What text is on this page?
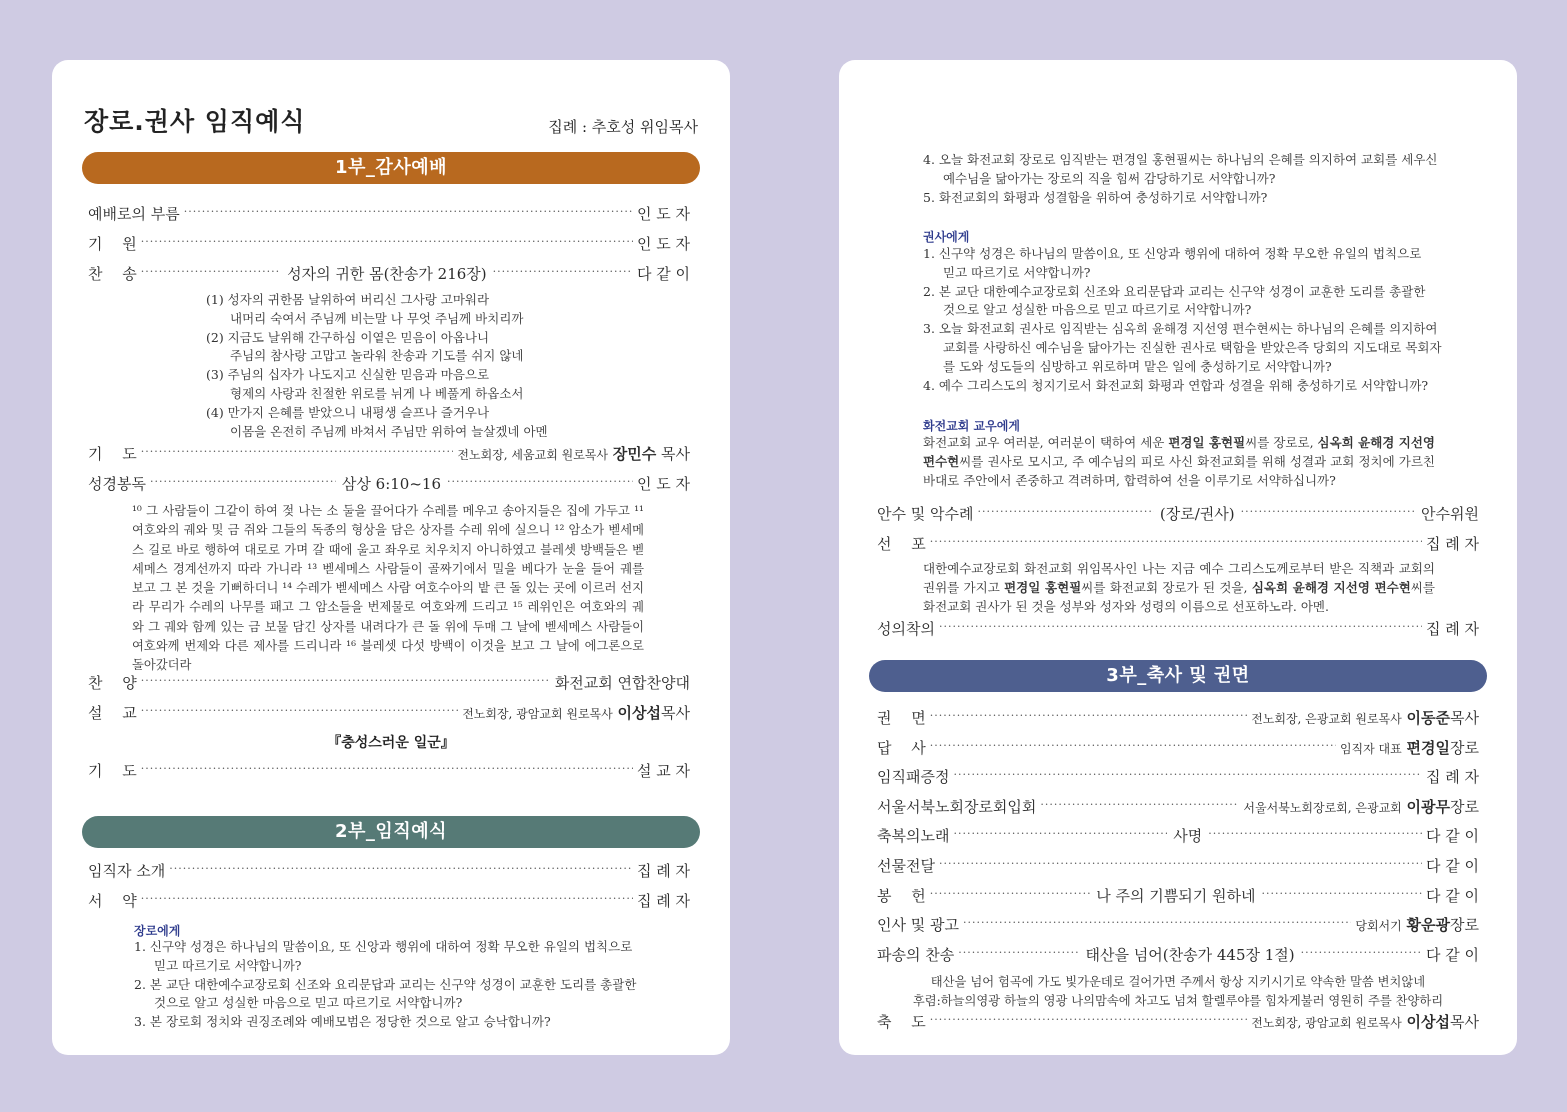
장로.권사 임직예식	집례 : 추호성 위임목사
1부_감사예배
예배로의 부름 ·····	인 도 자
기　 원 ·····	인 도 자
찬　 송 ·····	성자의 귀한 몸(찬송가 216장) ·····	다 같 이
(1) 성자의 귀한몸 날위하여 버리신 그사랑 고마워라
내머리 숙여서 주님께 비는말 나 무엇 주님께 바치리까
(2) 지금도 날위해 간구하심 이옅은 믿음이 아옵나니
주님의 참사랑 고맙고 놀라워 찬송과 기도를 쉬지 않네
(3) 주님의 십자가 나도지고 신실한 믿음과 마음으로
형제의 사랑과 친절한 위로를 뉘게 나 베풀게 하옵소서
(4) 만가지 은혜를 받았으니 내평생 슬프나 즐거우나
이몸을 온전히 주님께 바쳐서 주님만 위하여 늘살겠네 아멘
기　 도 ·····	전노회장, 세움교회 원로목사 장민수 목사
성경봉독 ·····	삼상 6:10~16 ·····	인 도 자
¹⁰ 그 사람들이 그같이 하여 젖 나는 소 둘을 끌어다가 수레를 메우고 송아지들은 집에 가두고 ¹¹ 여호와의 궤와 및 금 쥐와 그들의 독종의 형상을 담은 상자를 수레 위에 실으니 ¹² 암소가 벧세메스 길로 바로 행하여 대로로 가며 갈 때에 울고 좌우로 치우치지 아니하였고 블레셋 방백들은 벧세메스 경계선까지 따라 가니라 ¹³ 벧세메스 사람들이 골짜기에서 밀을 베다가 눈을 들어 궤를 보고 그 본 것을 기뻐하더니 ¹⁴ 수레가 벧세메스 사람 여호수아의 밭 큰 돌 있는 곳에 이르러 선지라 무리가 수레의 나무를 패고 그 암소들을 번제물로 여호와께 드리고 ¹⁵ 레위인은 여호와의 궤와 그 궤와 함께 있는 금 보물 담긴 상자를 내려다가 큰 돌 위에 두매 그 날에 벧세메스 사람들이 여호와께 번제와 다른 제사를 드리니라 ¹⁶ 블레셋 다섯 방백이 이것을 보고 그 날에 에그론으로 돌아갔더라
찬　 양 ·····	화전교회 연합찬양대
설　 교 ·····	전노회장, 광암교회 원로목사 이상섭목사
『충성스러운 일군』
기　 도 ·····	설 교 자
2부_임직예식
임직자 소개 ·····	집 례 자
서　 약 ·····	집 례 자
장로에게
1. 신구약 성경은 하나님의 말씀이요, 또 신앙과 행위에 대하여 정확 무오한 유일의 법칙으로
믿고 따르기로 서약합니까?
2. 본 교단 대한예수교장로회 신조와 요리문답과 교리는 신구약 성경이 교훈한 도리를 총괄한
것으로 알고 성실한 마음으로 믿고 따르기로 서약합니까?
3. 본 장로회 정치와 권징조례와 예배모범은 정당한 것으로 알고 승낙합니까?
4. 오늘 화전교회 장로로 임직받는 편경일 홍현필씨는 하나님의 은혜를 의지하여 교회를 세우신
예수님을 닮아가는 장로의 직을 힘써 감당하기로 서약합니까?
5. 화전교회의 화평과 성결함을 위하여 충성하기로 서약합니까?
권사에게
1. 신구약 성경은 하나님의 말씀이요, 또 신앙과 행위에 대하여 정확 무오한 유일의 법칙으로
믿고 따르기로 서약합니까?
2. 본 교단 대한예수교장로회 신조와 요리문답과 교리는 신구약 성경이 교훈한 도리를 총괄한
것으로 알고 성실한 마음으로 믿고 따르기로 서약합니까?
3. 오늘 화전교회 권사로 임직받는 심옥희 윤해경 지선영 편수현씨는 하나님의 은혜를 의지하여
교회를 사랑하신 예수님을 닮아가는 진실한 권사로 택함을 받았은즉 당회의 지도대로 목회자
를 도와 성도들의 심방하고 위로하며 맡은 일에 충성하기로 서약합니까?
4. 예수 그리스도의 청지기로서 화전교회 화평과 연합과 성결을 위해 충성하기로 서약합니까?
화전교회 교우에게
화전교회 교우 여러분, 여러분이 택하여 세운 편경일 홍현필씨를 장로로, 심옥희 윤해경 지선영 편수현씨를 권사로 모시고, 주 예수님의 피로 사신 화전교회를 위해 성결과 교회 정치에 가르친 바대로 주안에서 존중하고 격려하며, 합력하여 선을 이루기로 서약하십니까?
안수 및 악수례 ·····	(장로/권사) ·····	안수위원
선　 포 ·····	집 례 자
대한예수교장로회 화전교회 위임목사인 나는 지금 예수 그리스도께로부터 받은 직책과 교회의 권위를 가지고 편경일 홍현필씨를 화전교회 장로가 된 것을, 심옥희 윤해경 지선영 편수현씨를 화전교회 권사가 된 것을 성부와 성자와 성령의 이름으로 선포하노라. 아멘.
성의착의 ·····	집 례 자
3부_축사 및 권면
권　 면 ·····	전노회장, 은광교회 원로목사 이동준목사
답　 사 ·····	임직자 대표 편경일장로
임직패증정 ·····	집 례 자
서울서북노회장로회입회 ·····	서울서북노회장로회, 은광교회 이광무장로
축복의노래 ·····	사명 ·····	다 같 이
선물전달 ·····	다 같 이
봉　 헌 ·····	나 주의 기쁨되기 원하네 ·····	다 같 이
인사 및 광고 ·····	당회서기 황운광장로
파송의 찬송 ·····	태산을 넘어(찬송가 445장 1절) ·····	다 같 이
태산을 넘어 험곡에 가도 빛가운데로 걸어가면 주께서 항상 지키시기로 약속한 말씀 변치않네
후렴:하늘의영광 하늘의 영광 나의맘속에 차고도 넘쳐 할렐루야를 힘차게불러 영원히 주를 찬양하리
축　 도 ·····	전노회장, 광암교회 원로목사 이상섭목사
